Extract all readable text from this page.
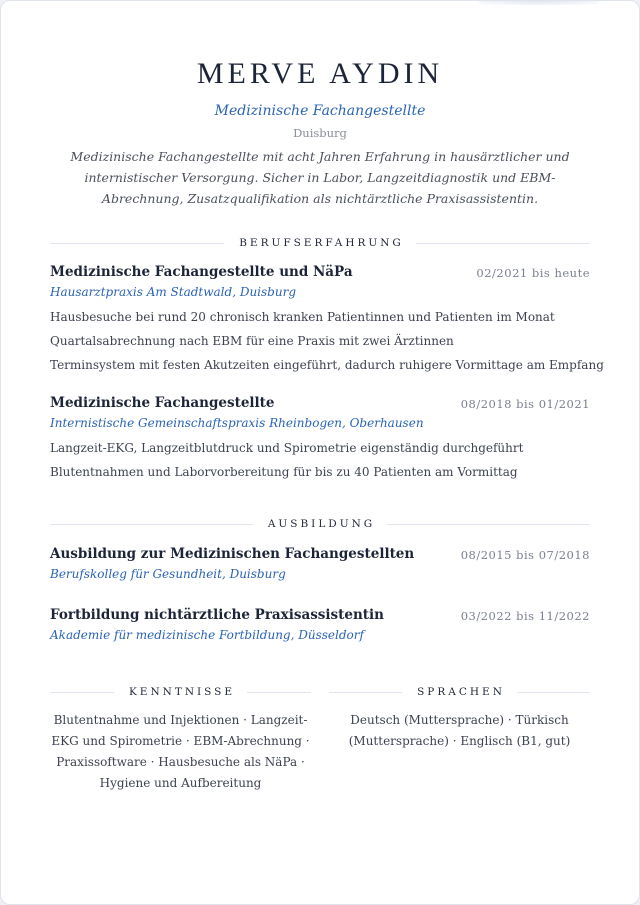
MERVE AYDIN
Medizinische Fachangestellte
Duisburg

Medizinische Fachangestellte mit acht Jahren Erfahrung in hausärztlicher und internistischer Versorgung. Sicher in Labor, Langzeitdiagnostik und EBM-Abrechnung, Zusatzqualifikation als nichtärztliche Praxisassistentin.

BERUFSERFAHRUNG
Medizinische Fachangestellte und NäPa	02/2021 bis heute
Hausarztpraxis Am Stadtwald, Duisburg
Hausbesuche bei rund 20 chronisch kranken Patientinnen und Patienten im Monat
Quartalsabrechnung nach EBM für eine Praxis mit zwei Ärztinnen
Terminsystem mit festen Akutzeiten eingeführt, dadurch ruhigere Vormittage am Empfang
Medizinische Fachangestellte	08/2018 bis 01/2021
Internistische Gemeinschaftspraxis Rheinbogen, Oberhausen
Langzeit-EKG, Langzeitblutdruck und Spirometrie eigenständig durchgeführt
Blutentnahmen und Laborvorbereitung für bis zu 40 Patienten am Vormittag
AUSBILDUNG
Ausbildung zur Medizinischen Fachangestellten	08/2015 bis 07/2018
Berufskolleg für Gesundheit, Duisburg
Fortbildung nichtärztliche Praxisassistentin	03/2022 bis 11/2022
Akademie für medizinische Fortbildung, Düsseldorf
KENNTNISSE
Blutentnahme und Injektionen · Langzeit-EKG und Spirometrie · EBM-Abrechnung · Praxissoftware · Hausbesuche als NäPa · Hygiene und Aufbereitung
SPRACHEN
Deutsch (Muttersprache) · Türkisch (Muttersprache) · Englisch (B1, gut)
